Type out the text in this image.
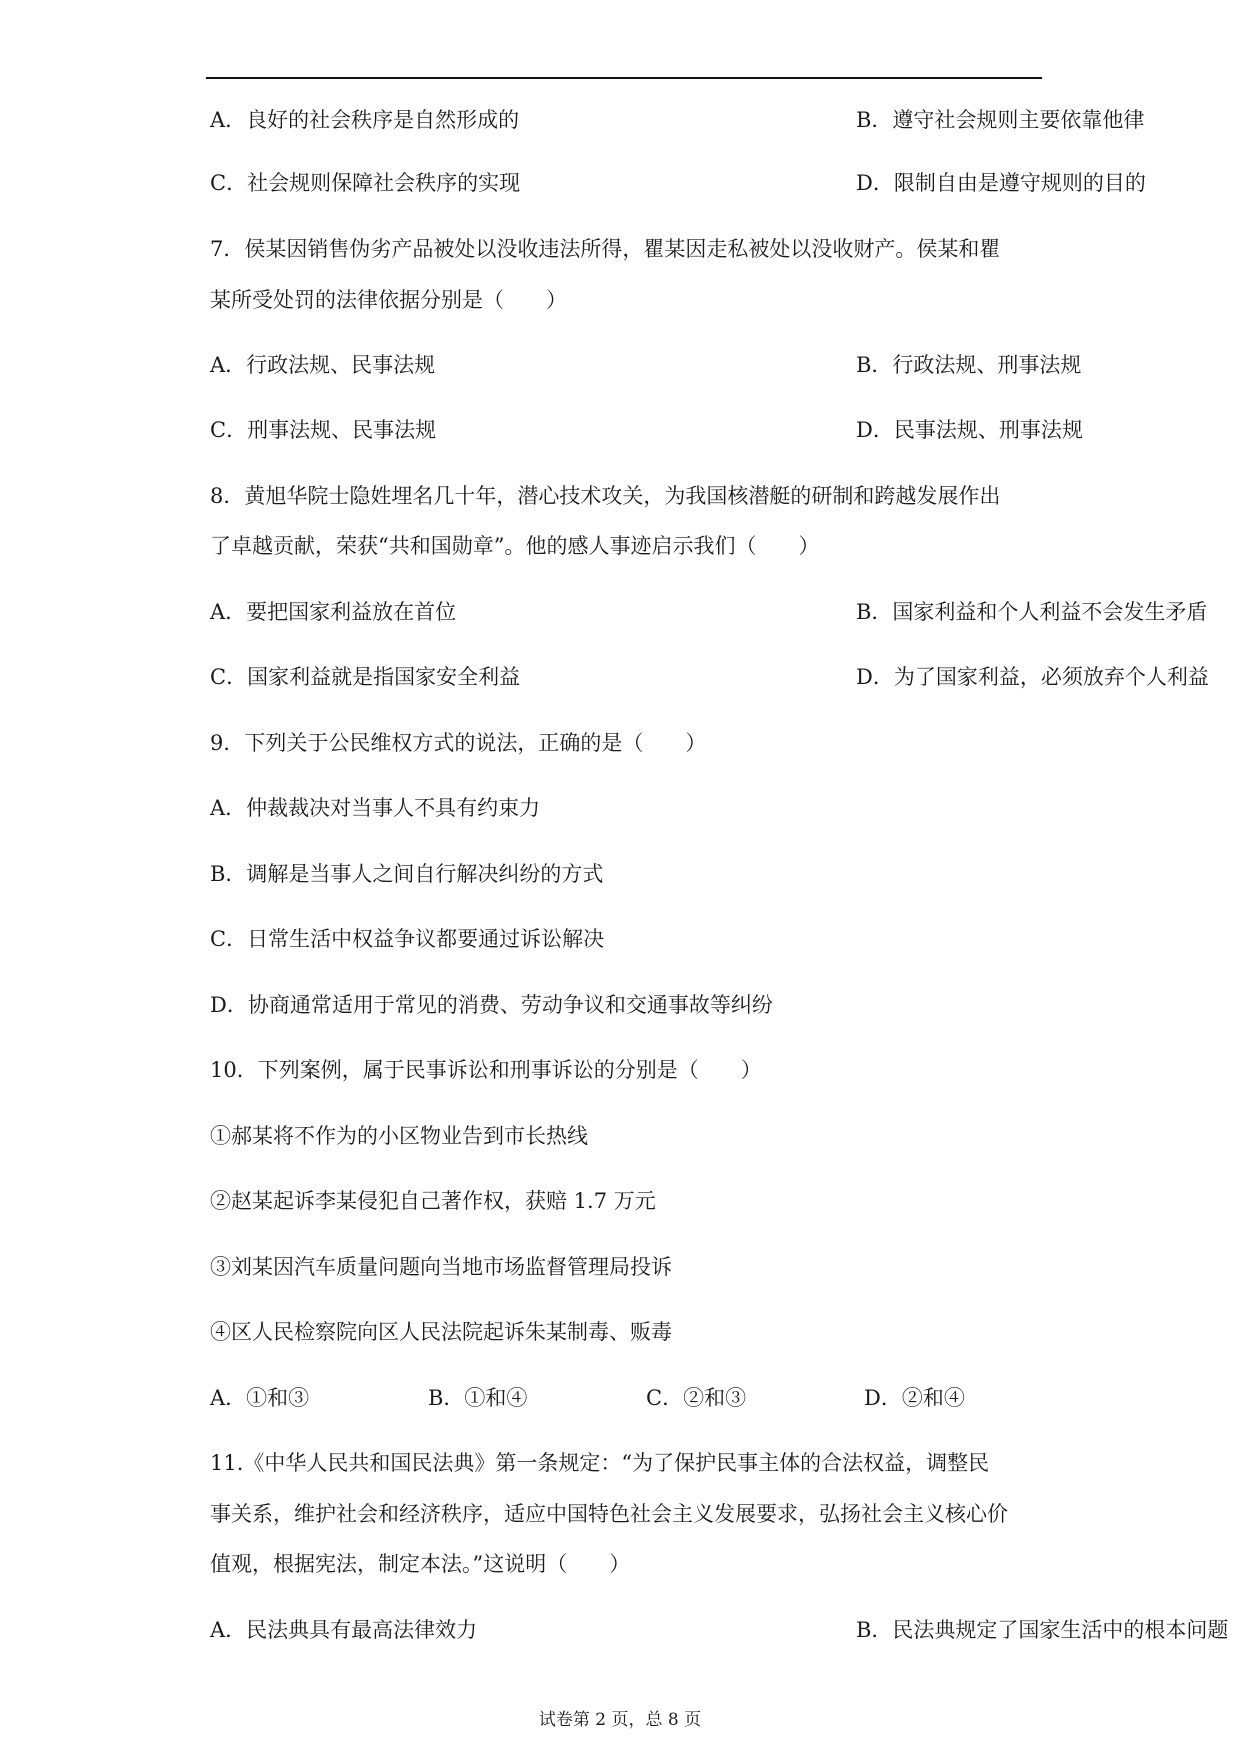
A．良好的社会秩序是自然形成的	B．遵守社会规则主要依靠他律
C．社会规则保障社会秩序的实现	D．限制自由是遵守规则的目的
7．侯某因销售伪劣产品被处以没收违法所得，瞿某因走私被处以没收财产。侯某和瞿
某所受处罚的法律依据分别是（　　）
A．行政法规、民事法规	B．行政法规、刑事法规
C．刑事法规、民事法规	D．民事法规、刑事法规
8．黄旭华院士隐姓埋名几十年，潜心技术攻关，为我国核潜艇的研制和跨越发展作出
了卓越贡献，荣获“共和国勋章”。他的感人事迹启示我们（　　）
A．要把国家利益放在首位	B．国家利益和个人利益不会发生矛盾
C．国家利益就是指国家安全利益	D．为了国家利益，必须放弃个人利益
9．下列关于公民维权方式的说法，正确的是（　　）
A．仲裁裁决对当事人不具有约束力
B．调解是当事人之间自行解决纠纷的方式
C．日常生活中权益争议都要通过诉讼解决
D．协商通常适用于常见的消费、劳动争议和交通事故等纠纷
10．下列案例，属于民事诉讼和刑事诉讼的分别是（　　）
①郝某将不作为的小区物业告到市长热线
②赵某起诉李某侵犯自己著作权，获赔 1.7 万元
③刘某因汽车质量问题向当地市场监督管理局投诉
④区人民检察院向区人民法院起诉朱某制毒、贩毒
A．①和③	B．①和④	C．②和③	D．②和④
11.《中华人民共和国民法典》第一条规定：“为了保护民事主体的合法权益，调整民
事关系，维护社会和经济秩序，适应中国特色社会主义发展要求，弘扬社会主义核心价
值观，根据宪法，制定本法。”这说明（　　）
A．民法典具有最高法律效力	B．民法典规定了国家生活中的根本问题
试卷第 2 页，总 8 页
